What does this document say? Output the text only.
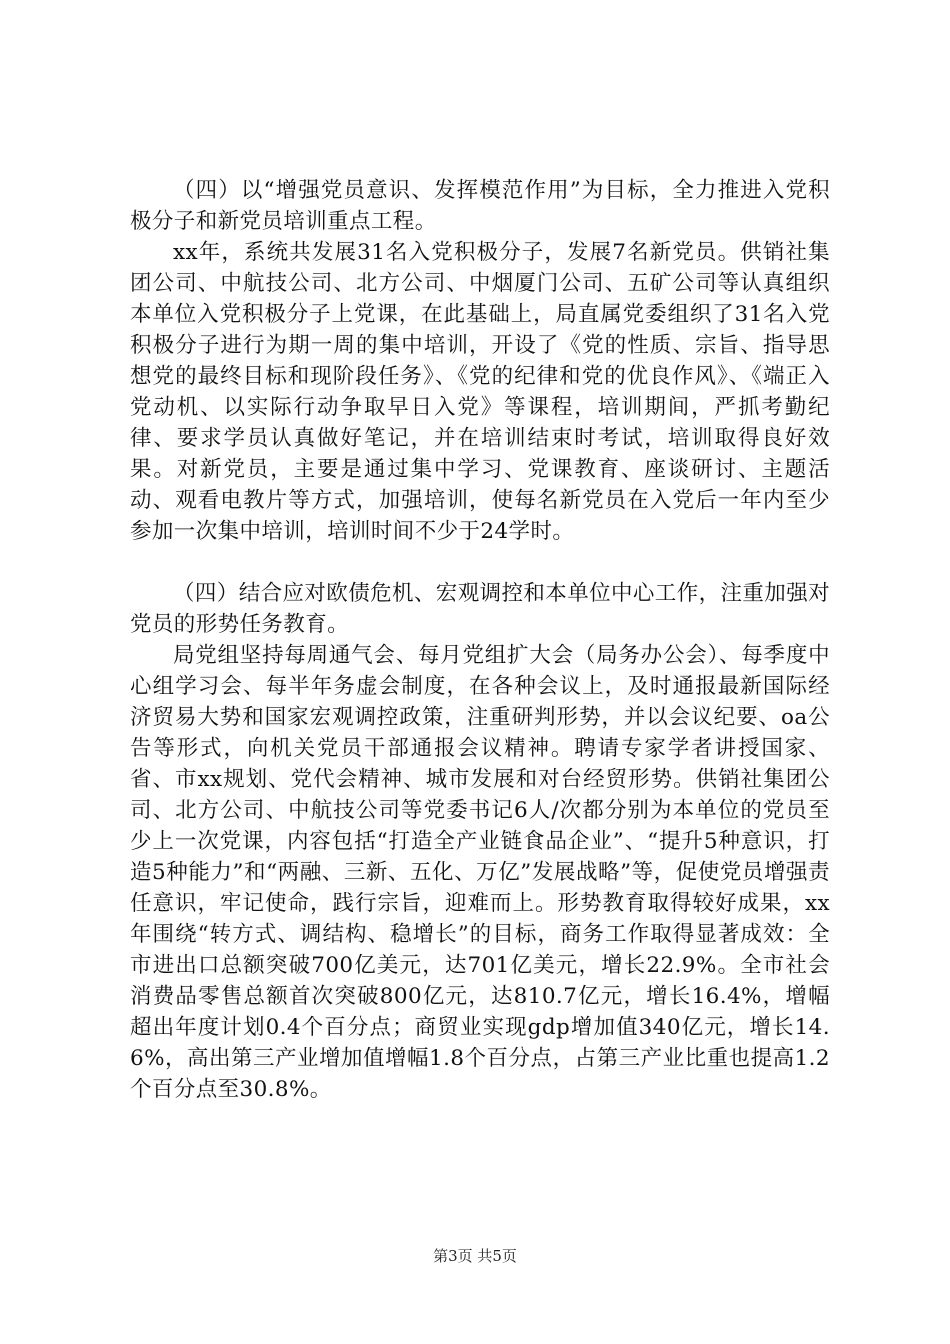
（四）以“增强党员意识、发挥模范作用”为目标，全力推进入党积极分子和新党员培训重点工程。

xx年，系统共发展31名入党积极分子，发展7名新党员。供销社集团公司、中航技公司、北方公司、中烟厦门公司、五矿公司等认真组织本单位入党积极分子上党课，在此基础上，局直属党委组织了31名入党积极分子进行为期一周的集中培训，开设了《党的性质、宗旨、指导思想党的最终目标和现阶段任务》、《党的纪律和党的优良作风》、《端正入党动机、以实际行动争取早日入党》等课程，培训期间，严抓考勤纪律、要求学员认真做好笔记，并在培训结束时考试，培训取得良好效果。对新党员，主要是通过集中学习、党课教育、座谈研讨、主题活动、观看电教片等方式，加强培训，使每名新党员在入党后一年内至少参加一次集中培训，培训时间不少于24学时。

（四）结合应对欧债危机、宏观调控和本单位中心工作，注重加强对党员的形势任务教育。

局党组坚持每周通气会、每月党组扩大会（局务办公会）、每季度中心组学习会、每半年务虚会制度，在各种会议上，及时通报最新国际经济贸易大势和国家宏观调控政策，注重研判形势，并以会议纪要、oa公告等形式，向机关党员干部通报会议精神。聘请专家学者讲授国家、省、市xx规划、党代会精神、城市发展和对台经贸形势。供销社集团公司、北方公司、中航技公司等党委书记6人/次都分别为本单位的党员至少上一次党课，内容包括“打造全产业链食品企业”、“提升5种意识，打造5种能力”和“两融、三新、五化、万亿”发展战略”等，促使党员增强责任意识，牢记使命，践行宗旨，迎难而上。形势教育取得较好成果，xx年围绕“转方式、调结构、稳增长”的目标，商务工作取得显著成效：全市进出口总额突破700亿美元，达701亿美元，增长22.9%。全市社会消费品零售总额首次突破800亿元，达810.7亿元，增长16.4%，增幅超出年度计划0.4个百分点；商贸业实现gdp增加值340亿元，增长14.6%，高出第三产业增加值增幅1.8个百分点，占第三产业比重也提高1.2个百分点至30.8%。

第3页 共5页
